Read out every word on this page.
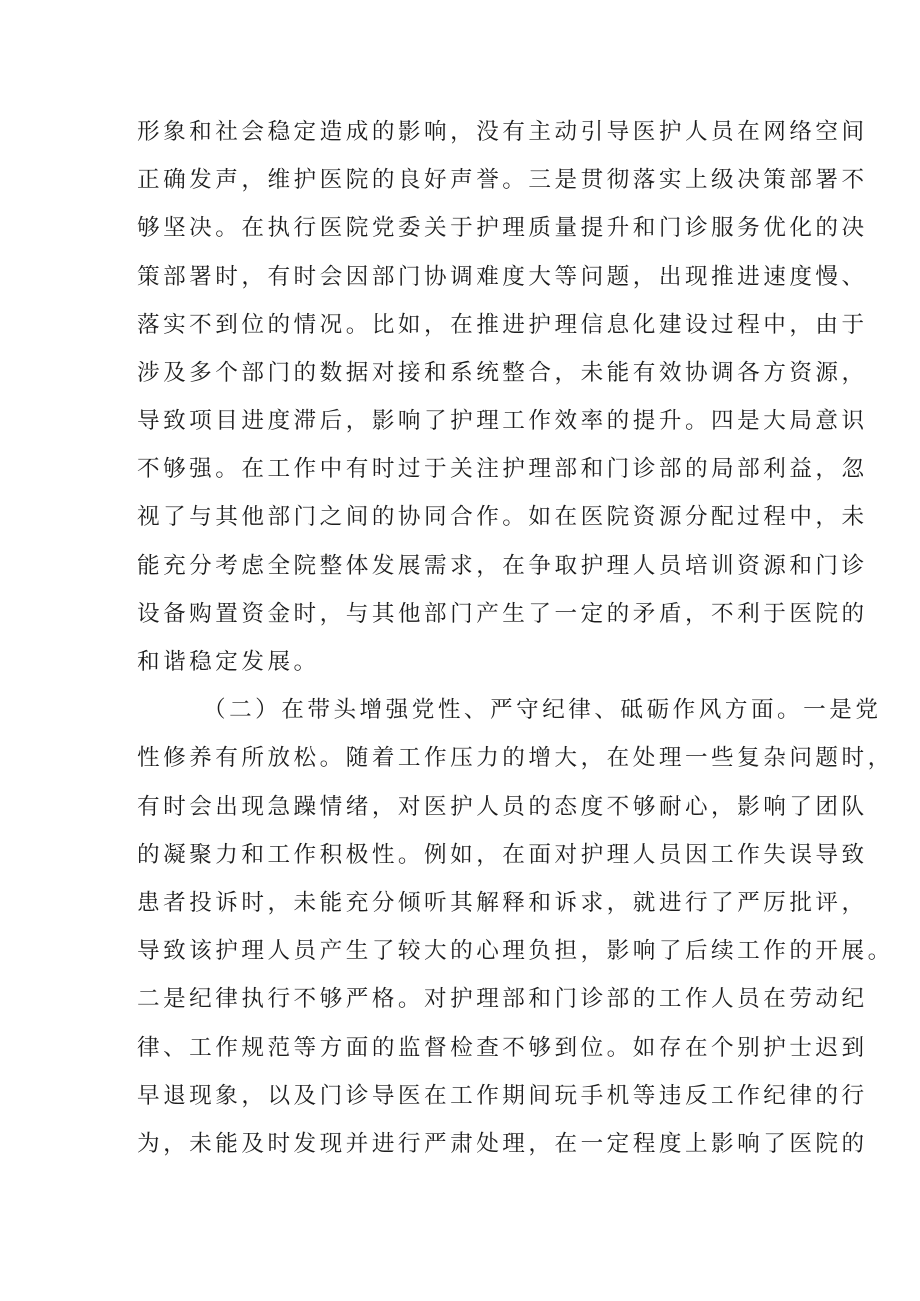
形象和社会稳定造成的影响，没有主动引导医护人员在网络空间
正确发声，维护医院的良好声誉。三是贯彻落实上级决策部署不
够坚决。在执行医院党委关于护理质量提升和门诊服务优化的决
策部署时，有时会因部门协调难度大等问题，出现推进速度慢、
落实不到位的情况。比如，在推进护理信息化建设过程中，由于
涉及多个部门的数据对接和系统整合，未能有效协调各方资源，
导致项目进度滞后，影响了护理工作效率的提升。四是大局意识
不够强。在工作中有时过于关注护理部和门诊部的局部利益，忽
视了与其他部门之间的协同合作。如在医院资源分配过程中，未
能充分考虑全院整体发展需求，在争取护理人员培训资源和门诊
设备购置资金时，与其他部门产生了一定的矛盾，不利于医院的
和谐稳定发展。
（二）在带头增强党性、严守纪律、砥砺作风方面。一是党
性修养有所放松。随着工作压力的增大，在处理一些复杂问题时，
有时会出现急躁情绪，对医护人员的态度不够耐心，影响了团队
的凝聚力和工作积极性。例如，在面对护理人员因工作失误导致
患者投诉时，未能充分倾听其解释和诉求，就进行了严厉批评，
导致该护理人员产生了较大的心理负担，影响了后续工作的开展。
二是纪律执行不够严格。对护理部和门诊部的工作人员在劳动纪
律、工作规范等方面的监督检查不够到位。如存在个别护士迟到
早退现象，以及门诊导医在工作期间玩手机等违反工作纪律的行
为，未能及时发现并进行严肃处理，在一定程度上影响了医院的
